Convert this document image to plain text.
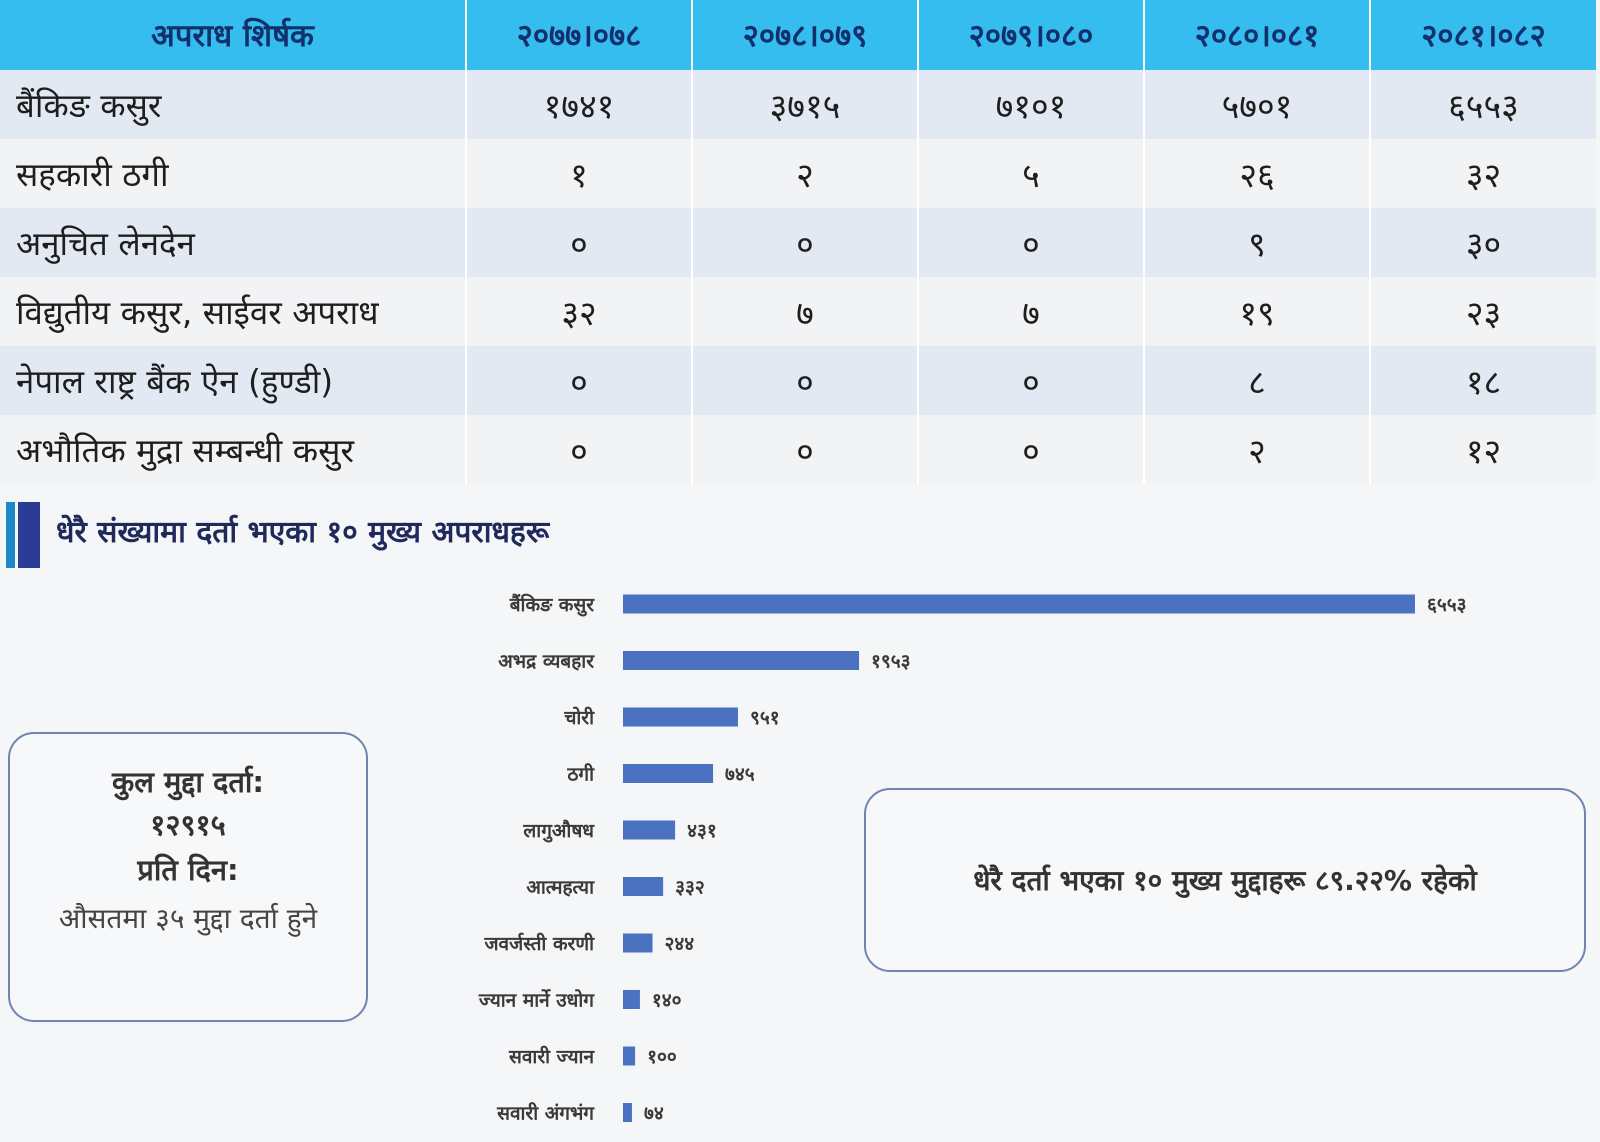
अपराध शिर्षक	२०७७।०७८	२०७८।०७९	२०७९।०८०	२०८०।०८१	२०८१।०८२
बैंकिङ कसुर	१७४१	३७१५	७१०१	५७०१	६५५३
सहकारी ठगी	१	२	५	२६	३२
अनुचित लेनदेन	०	०	०	९	३०
विद्युतीय कसुर, साईवर अपराध	३२	७	७	१९	२३
नेपाल राष्ट्र बैंक ऐन (हुण्डी)	०	०	०	८	१८
अभौतिक मुद्रा सम्बन्धी कसुर	०	०	०	२	१२
धेरै संख्यामा दर्ता भएका १० मुख्य अपराधहरू
बैंकिङ कसुर	६५५३
अभद्र व्यबहार	१९५३
चोरी	९५१
ठगी	७४५
लागुऔषध	४३१
आत्महत्या	३३२
जवर्जस्ती करणी	२४४
ज्यान मार्ने उधोग	१४०
सवारी ज्यान	१००
सवारी अंगभंग	७४
कुल मुद्दा दर्ता:
१२९१५
प्रति दिन:
औसतमा ३५ मुद्दा दर्ता हुने
धेरै दर्ता भएका १० मुख्य मुद्दाहरू ८९.२२% रहेको
